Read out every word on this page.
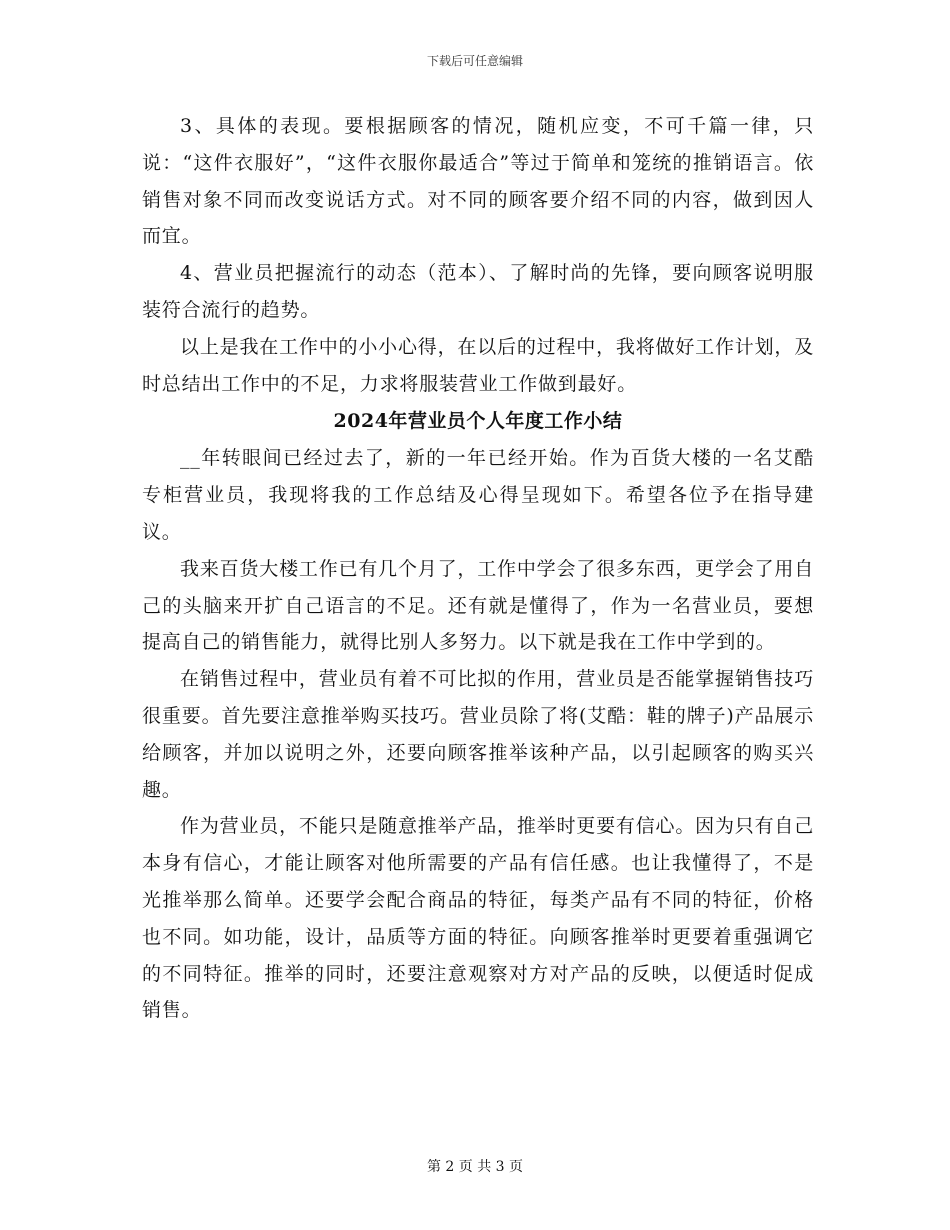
下载后可任意编辑

3、具体的表现。要根据顾客的情况，随机应变，不可千篇一律，只说：“这件衣服好”，“这件衣服你最适合”等过于简单和笼统的推销语言。依销售对象不同而改变说话方式。对不同的顾客要介绍不同的内容，做到因人而宜。

4、营业员把握流行的动态（范本）、了解时尚的先锋，要向顾客说明服装符合流行的趋势。

以上是我在工作中的小小心得，在以后的过程中，我将做好工作计划，及时总结出工作中的不足，力求将服装营业工作做到最好。

2024年营业员个人年度工作小结

__年转眼间已经过去了，新的一年已经开始。作为百货大楼的一名艾酷专柜营业员，我现将我的工作总结及心得呈现如下。希望各位予在指导建议。

我来百货大楼工作已有几个月了，工作中学会了很多东西，更学会了用自己的头脑来开扩自己语言的不足。还有就是懂得了，作为一名营业员，要想提高自己的销售能力，就得比别人多努力。以下就是我在工作中学到的。

在销售过程中，营业员有着不可比拟的作用，营业员是否能掌握销售技巧很重要。首先要注意推举购买技巧。营业员除了将(艾酷：鞋的牌子)产品展示给顾客，并加以说明之外，还要向顾客推举该种产品，以引起顾客的购买兴趣。

作为营业员，不能只是随意推举产品，推举时更要有信心。因为只有自己本身有信心，才能让顾客对他所需要的产品有信任感。也让我懂得了，不是光推举那么简单。还要学会配合商品的特征，每类产品有不同的特征，价格也不同。如功能，设计，品质等方面的特征。向顾客推举时更要着重强调它的不同特征。推举的同时，还要注意观察对方对产品的反映，以便适时促成销售。

第 2 页 共 3 页
